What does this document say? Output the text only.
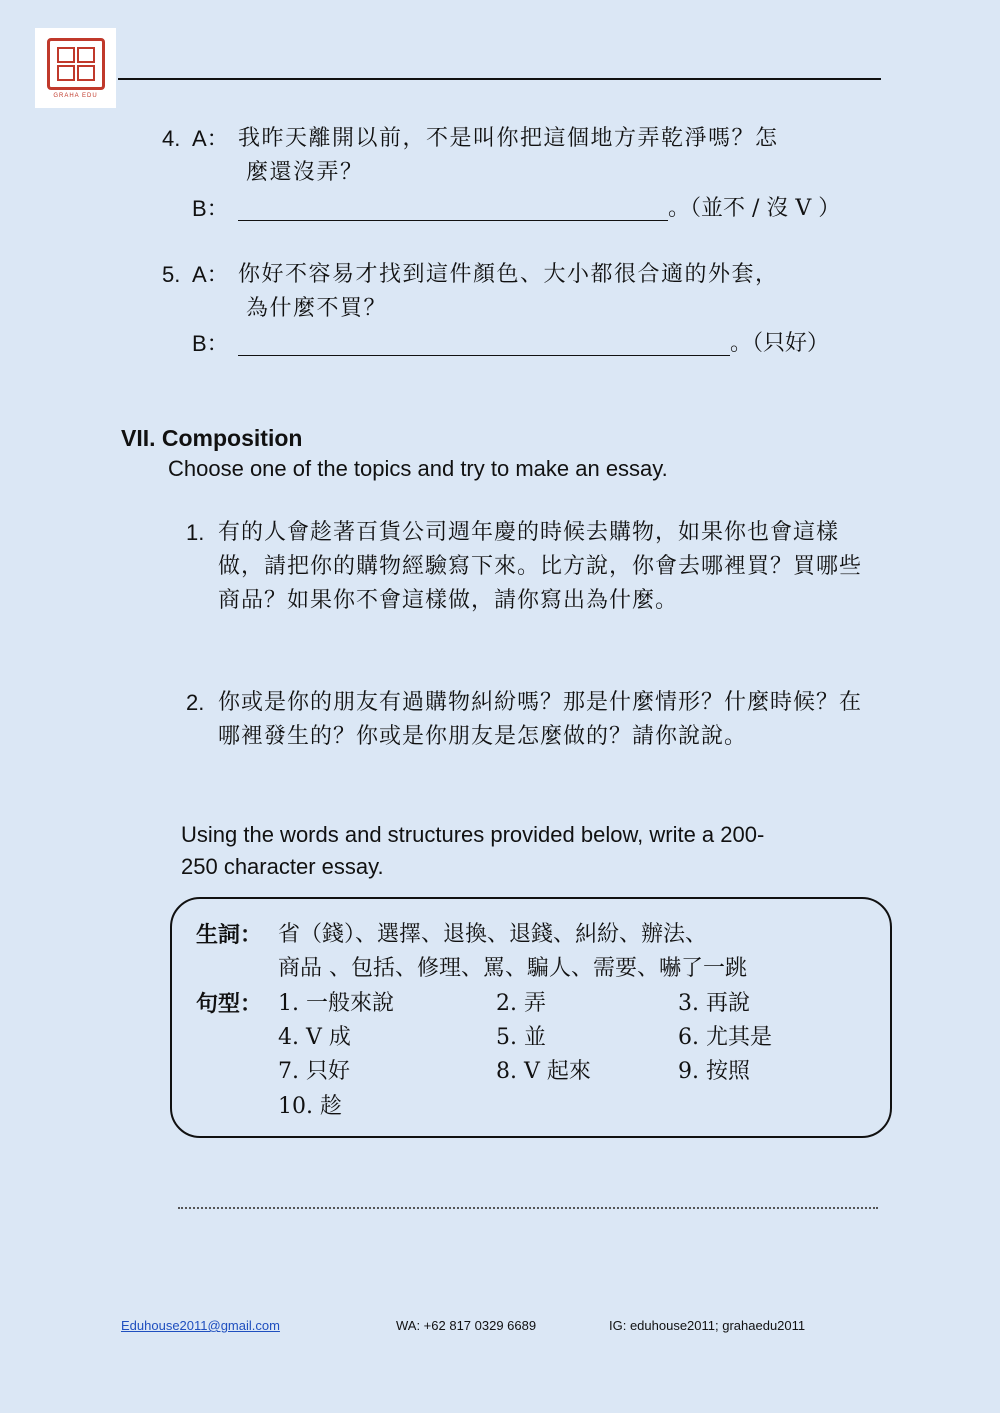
GRAHA EDU
4. A： 我昨天離開以前，不是叫你把這個地方弄乾淨嗎？怎
麼還沒弄？
B：	。（並不 / 沒 V ）
5. A： 你好不容易才找到這件顏色、大小都很合適的外套，
為什麼不買？
B：	。（只好）
VII. Composition
Choose one of the topics and try to make an essay.
1. 有的人會趁著百貨公司週年慶的時候去購物，如果你也會這樣做，請把你的購物經驗寫下來。比方說，你會去哪裡買？買哪些商品？如果你不會這樣做，請你寫出為什麼。
2. 你或是你的朋友有過購物糾紛嗎？那是什麼情形？什麼時候？在哪裡發生的？你或是你朋友是怎麼做的？請你說說。
Using the words and structures provided below, write a 200-
250 character essay.
生詞： 省（錢）、選擇、退換、退錢、糾紛、辦法、
商品 、包括、修理、罵、騙人、需要、嚇了一跳
句型： 1. 一般來說	2. 弄	3. 再說
4. V 成	5. 並	6. 尤其是
7. 只好	8. V 起來	9. 按照
10. 趁
Eduhouse2011@gmail.com	WA: +62 817 0329 6689	IG: eduhouse2011; grahaedu2011
